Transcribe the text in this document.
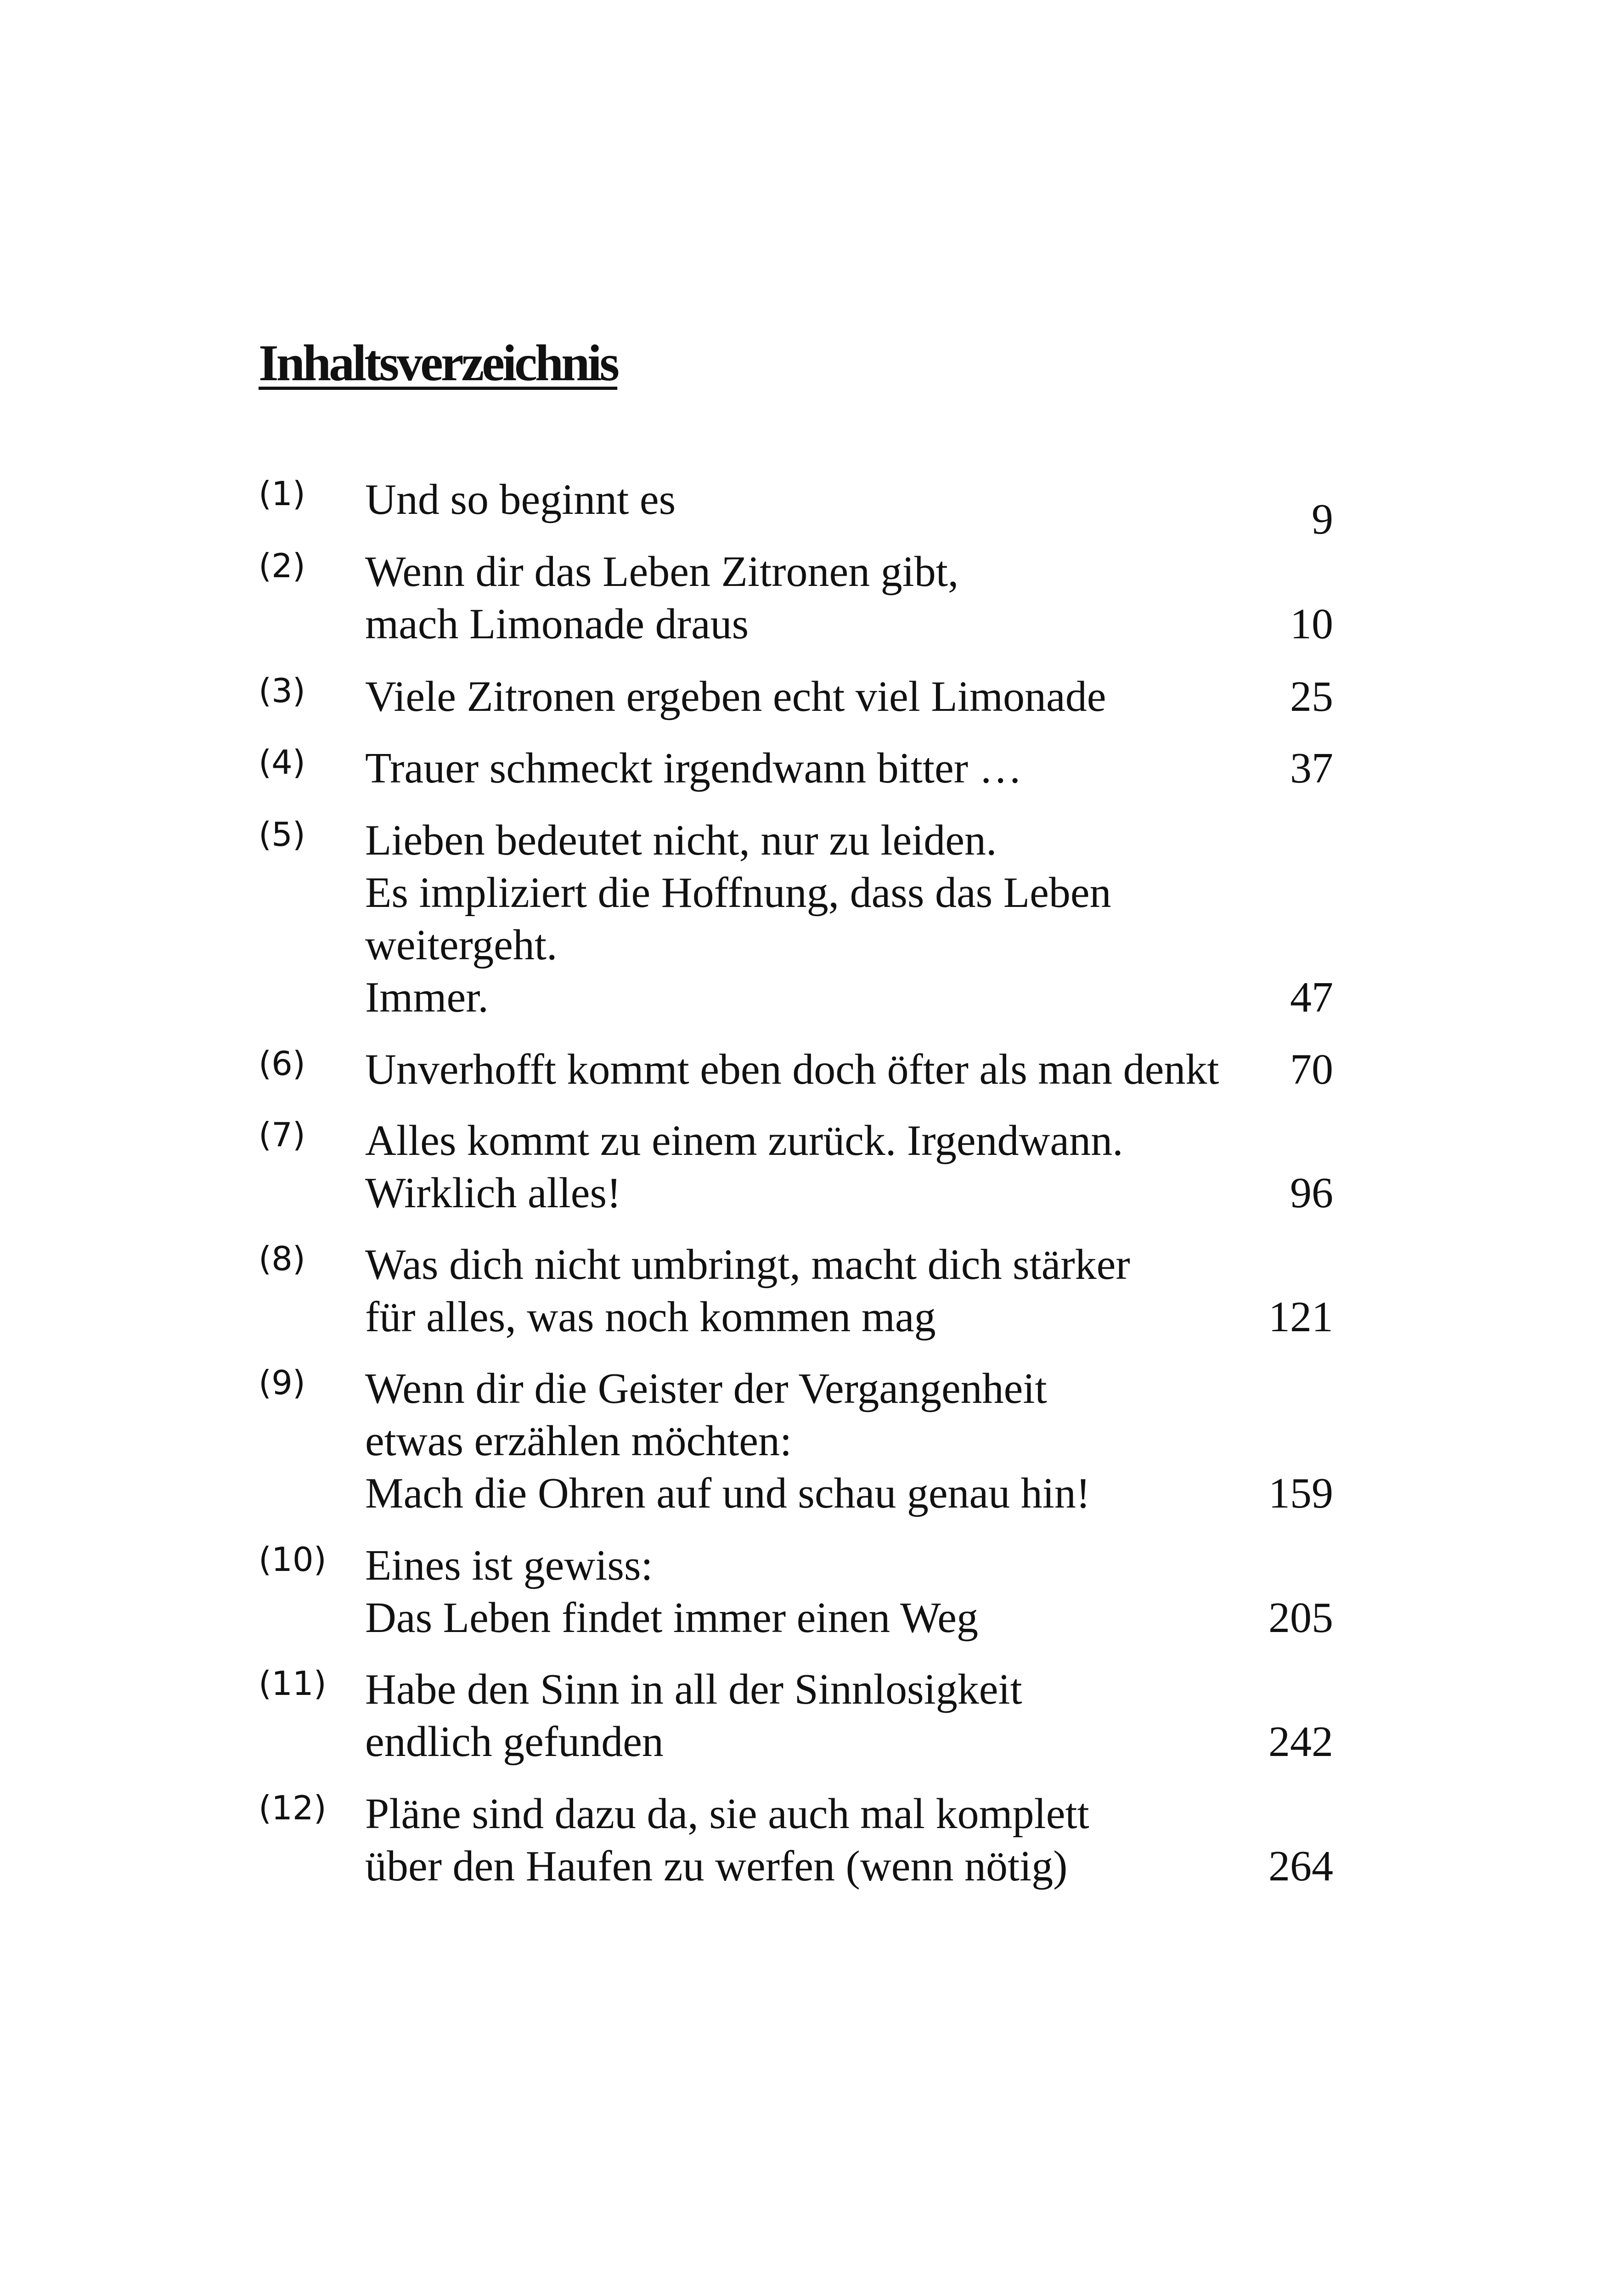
Inhaltsverzeichnis
(1) Und so beginnt es	9
(2) Wenn dir das Leben Zitronen gibt,
mach Limonade draus	10
(3) Viele Zitronen ergeben echt viel Limonade	25
(4) Trauer schmeckt irgendwann bitter …	37
(5) Lieben bedeutet nicht, nur zu leiden.
Es impliziert die Hoffnung, dass das Leben
weitergeht.
Immer.	47
(6) Unverhofft kommt eben doch öfter als man denkt	70
(7) Alles kommt zu einem zurück. Irgendwann.
Wirklich alles!	96
(8) Was dich nicht umbringt, macht dich stärker
für alles, was noch kommen mag	121
(9) Wenn dir die Geister der Vergangenheit
etwas erzählen möchten:
Mach die Ohren auf und schau genau hin!	159
(10) Eines ist gewiss:
Das Leben findet immer einen Weg	205
(11) Habe den Sinn in all der Sinnlosigkeit
endlich gefunden	242
(12) Pläne sind dazu da, sie auch mal komplett
über den Haufen zu werfen (wenn nötig)	264
